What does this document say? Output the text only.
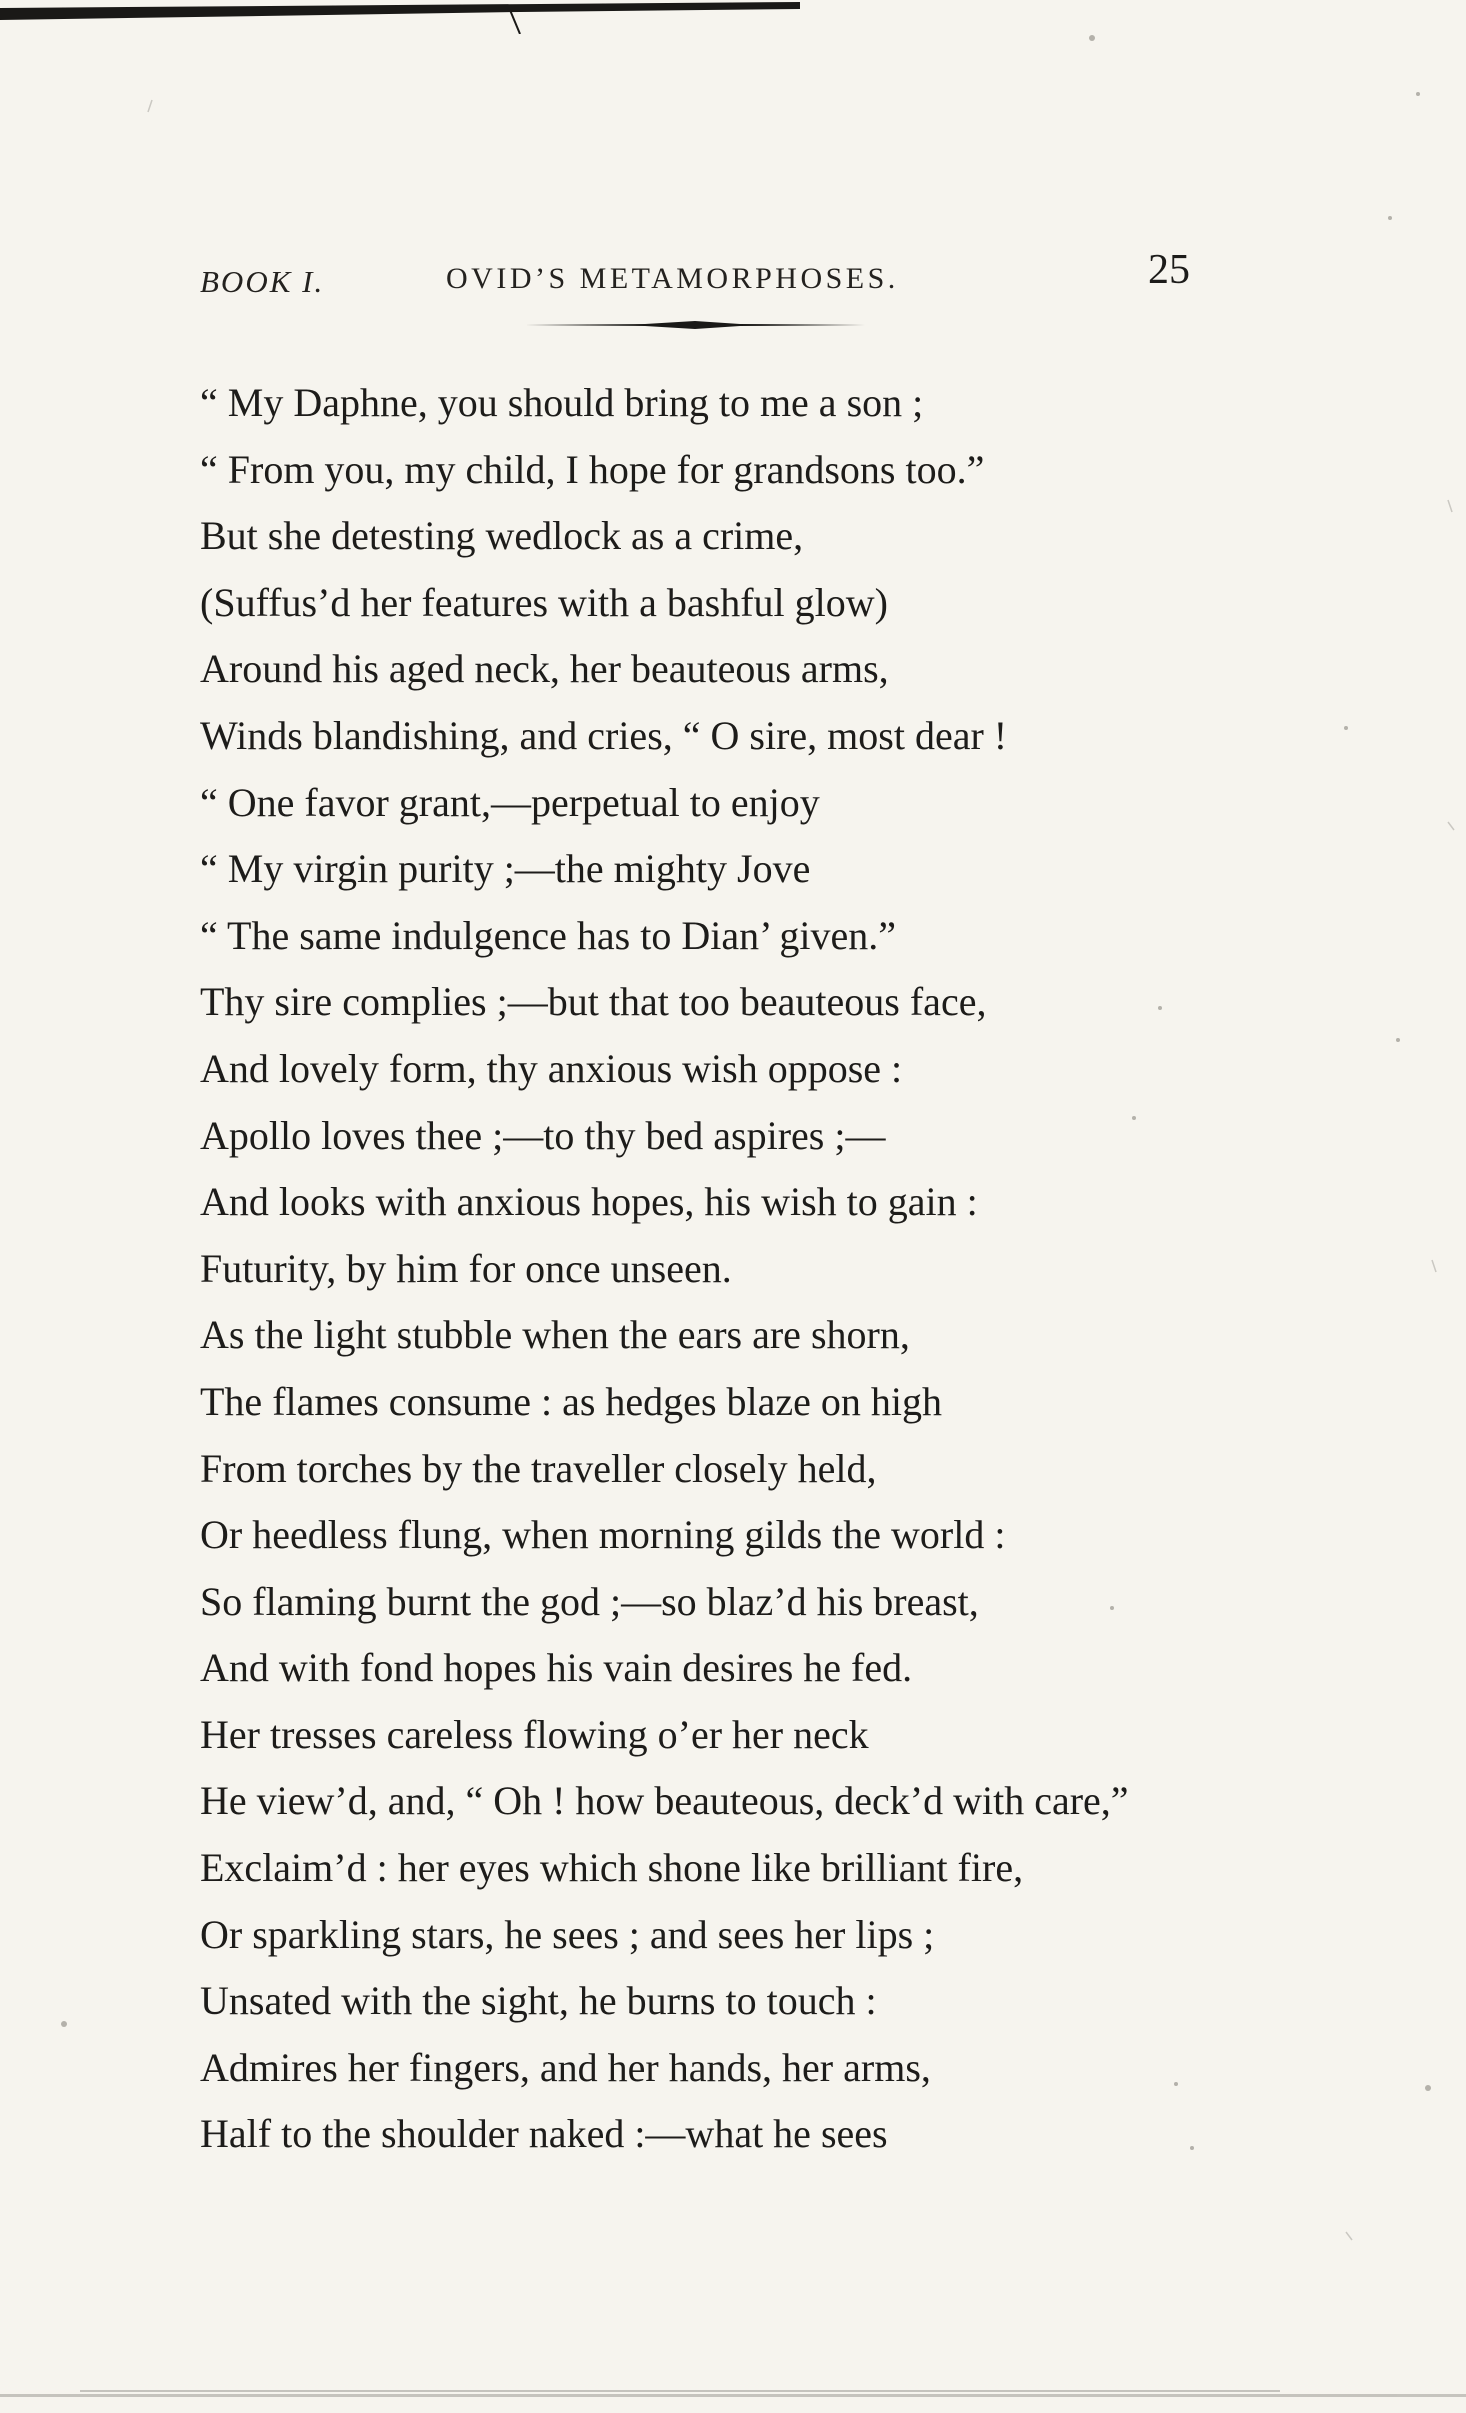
BOOK I.	OVID’S METAMORPHOSES.	25
“ My Daphne, you should bring to me a son ;
“ From you, my child, I hope for grandsons too.”
But she detesting wedlock as a crime,
(Suffus’d her features with a bashful glow)
Around his aged neck, her beauteous arms,
Winds blandishing, and cries, “ O sire, most dear !
“ One favor grant,—perpetual to enjoy
“ My virgin purity ;—the mighty Jove
“ The same indulgence has to Dian’ given.”
Thy sire complies ;—but that too beauteous face,
And lovely form, thy anxious wish oppose :
Apollo loves thee ;—to thy bed aspires ;—
And looks with anxious hopes, his wish to gain :
Futurity, by him for once unseen.
As the light stubble when the ears are shorn,
The flames consume : as hedges blaze on high
From torches by the traveller closely held,
Or heedless flung, when morning gilds the world :
So flaming burnt the god ;—so blaz’d his breast,
And with fond hopes his vain desires he fed.
Her tresses careless flowing o’er her neck
He view’d, and, “ Oh ! how beauteous, deck’d with care,”
Exclaim’d : her eyes which shone like brilliant fire,
Or sparkling stars, he sees ; and sees her lips ;
Unsated with the sight, he burns to touch :
Admires her fingers, and her hands, her arms,
Half to the shoulder naked :—what he sees
